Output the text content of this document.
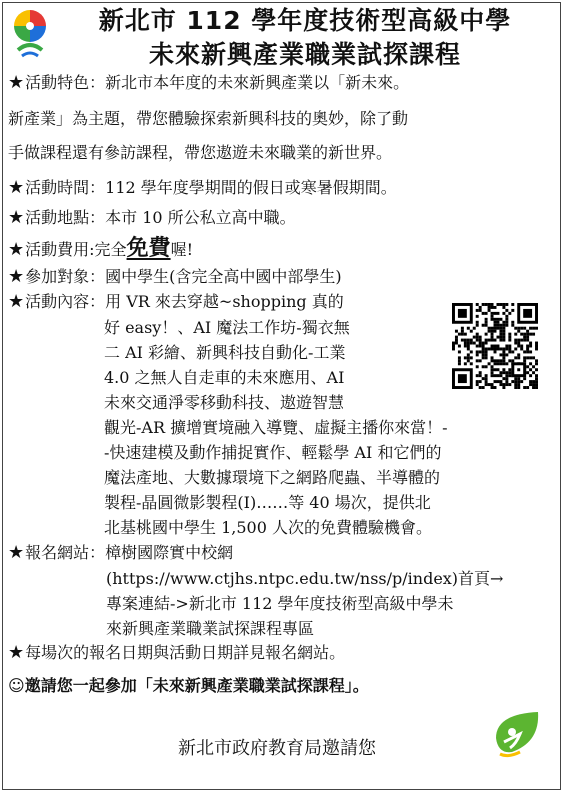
新北市 112 學年度技術型高級中學
未來新興產業職業試探課程
★活動特色：新北市本年度的未來新興產業以「新未來。
新產業」為主題，帶您體驗探索新興科技的奧妙，除了動
手做課程還有參訪課程，帶您遨遊未來職業的新世界。
★活動時間：112 學年度學期間的假日或寒暑假期間。
★活動地點：本市 10 所公私立高中職。
★活動費用:完全免費喔!
★參加對象：國中學生(含完全高中國中部學生)
★活動內容：用 VR 來去穿越~shopping 真的
好 easy！、AI 魔法工作坊-獨衣無
二 AI 彩繪、新興科技自動化-工業
4.0 之無人自走車的未來應用、AI
未來交通淨零移動科技、遨遊智慧
觀光-AR 擴增實境融入導覽、虛擬主播你來當！-
-快速建模及動作捕捉實作、輕鬆學 AI 和它們的
魔法產地、大數據環境下之網路爬蟲、半導體的
製程-晶圓微影製程(Ⅰ)……等 40 場次，提供北
北基桃國中學生 1,500 人次的免費體驗機會。
★報名網站：樟樹國際實中校網
(https://www.ctjhs.ntpc.edu.tw/nss/p/index)首頁→
專案連結->新北市 112 學年度技術型高級中學未
來新興產業職業試探課程專區
★每場次的報名日期與活動日期詳見報名網站。
☺邀請您一起參加「未來新興產業職業試探課程」。
新北市政府教育局邀請您
